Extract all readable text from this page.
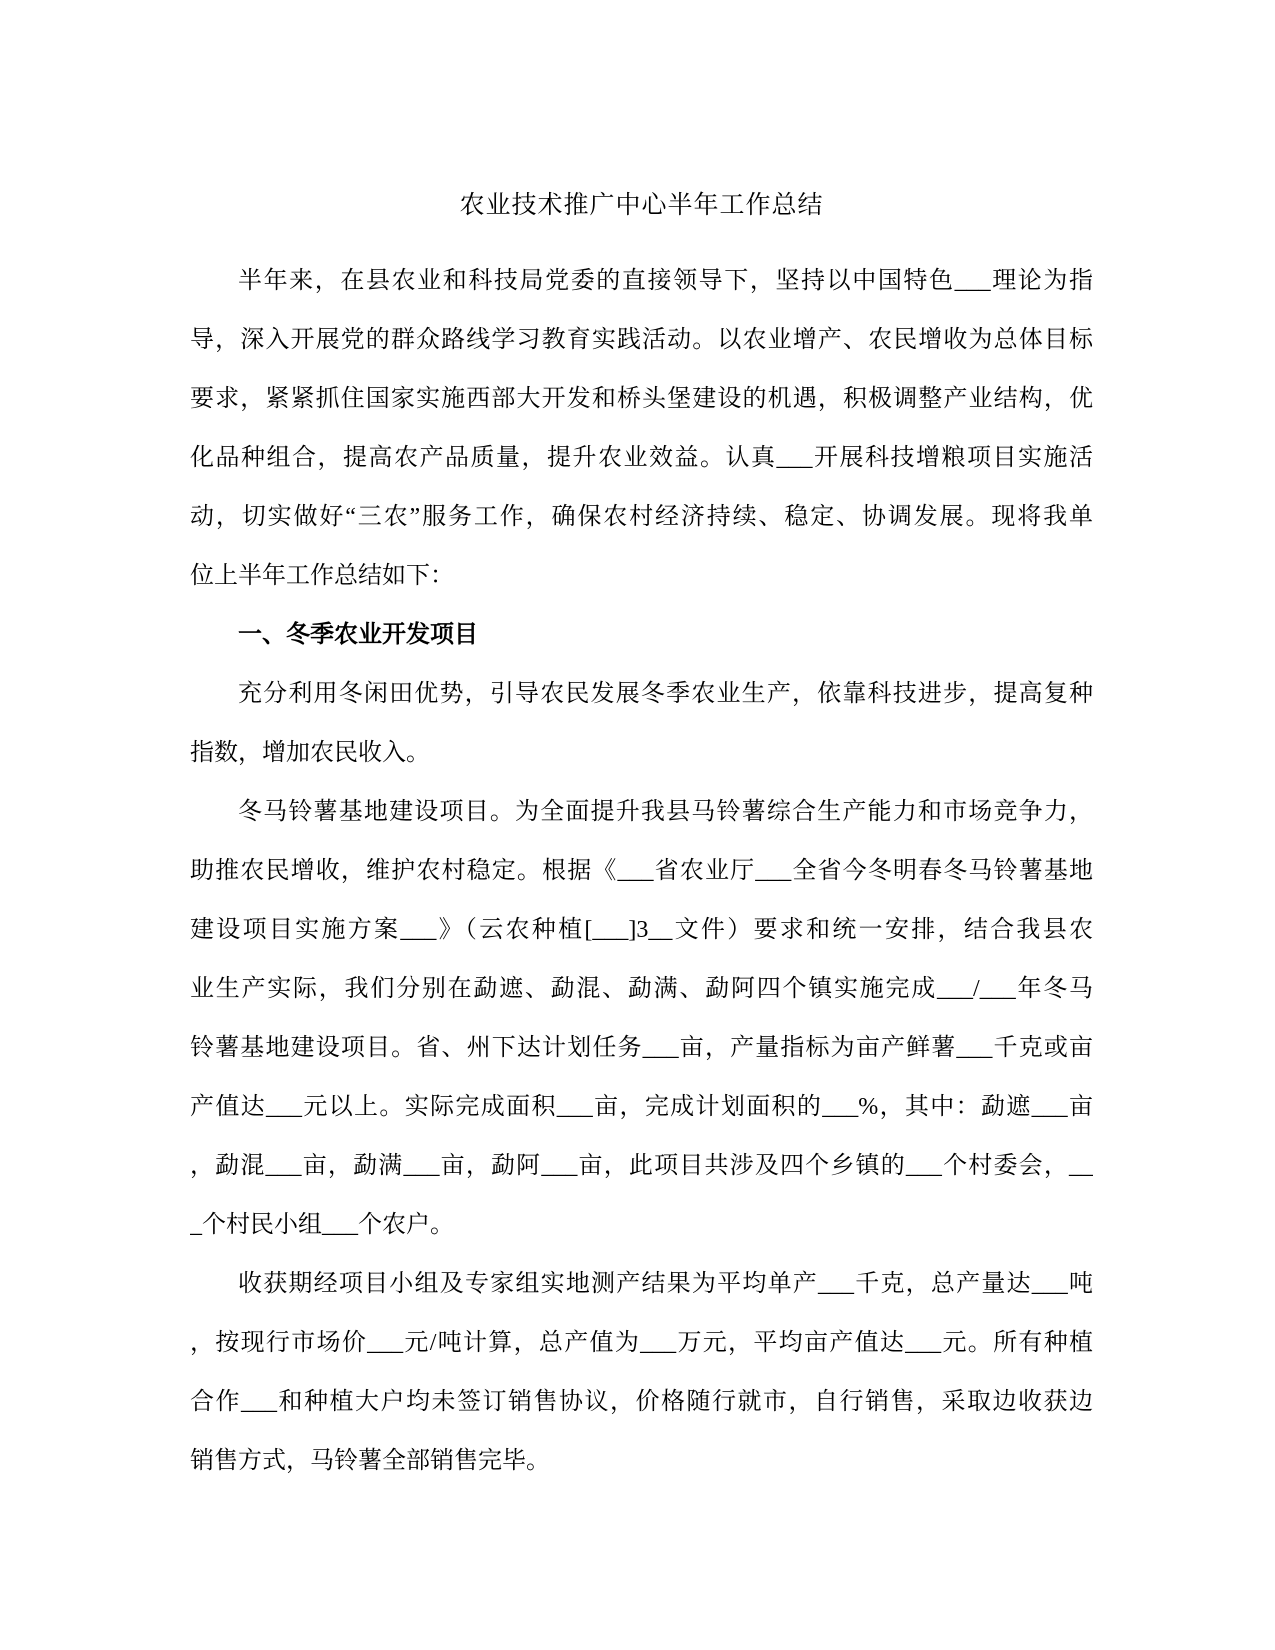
农业技术推广中心半年工作总结
半年来，在县农业和科技局党委的直接领导下，坚持以中国特色___理论为指
导，深入开展党的群众路线学习教育实践活动。以农业增产、农民增收为总体目标
要求，紧紧抓住国家实施西部大开发和桥头堡建设的机遇，积极调整产业结构，优
化品种组合，提高农产品质量，提升农业效益。认真___开展科技增粮项目实施活
动，切实做好“三农”服务工作，确保农村经济持续、稳定、协调发展。现将我单
位上半年工作总结如下：
一、冬季农业开发项目
充分利用冬闲田优势，引导农民发展冬季农业生产，依靠科技进步，提高复种
指数，增加农民收入。
冬马铃薯基地建设项目。为全面提升我县马铃薯综合生产能力和市场竞争力，
助推农民增收，维护农村稳定。根据《___省农业厅___全省今冬明春冬马铃薯基地
建设项目实施方案___》（云农种植[___]3__文件）要求和统一安排，结合我县农
业生产实际，我们分别在勐遮、勐混、勐满、勐阿四个镇实施完成___/___年冬马
铃薯基地建设项目。省、州下达计划任务___亩，产量指标为亩产鲜薯___千克或亩
产值达___元以上。实际完成面积___亩，完成计划面积的___%，其中：勐遮___亩
，勐混___亩，勐满___亩，勐阿___亩，此项目共涉及四个乡镇的___个村委会，__
_个村民小组___个农户。
收获期经项目小组及专家组实地测产结果为平均单产___千克，总产量达___吨
，按现行市场价___元/吨计算，总产值为___万元，平均亩产值达___元。所有种植
合作___和种植大户均未签订销售协议，价格随行就市，自行销售，采取边收获边
销售方式，马铃薯全部销售完毕。
